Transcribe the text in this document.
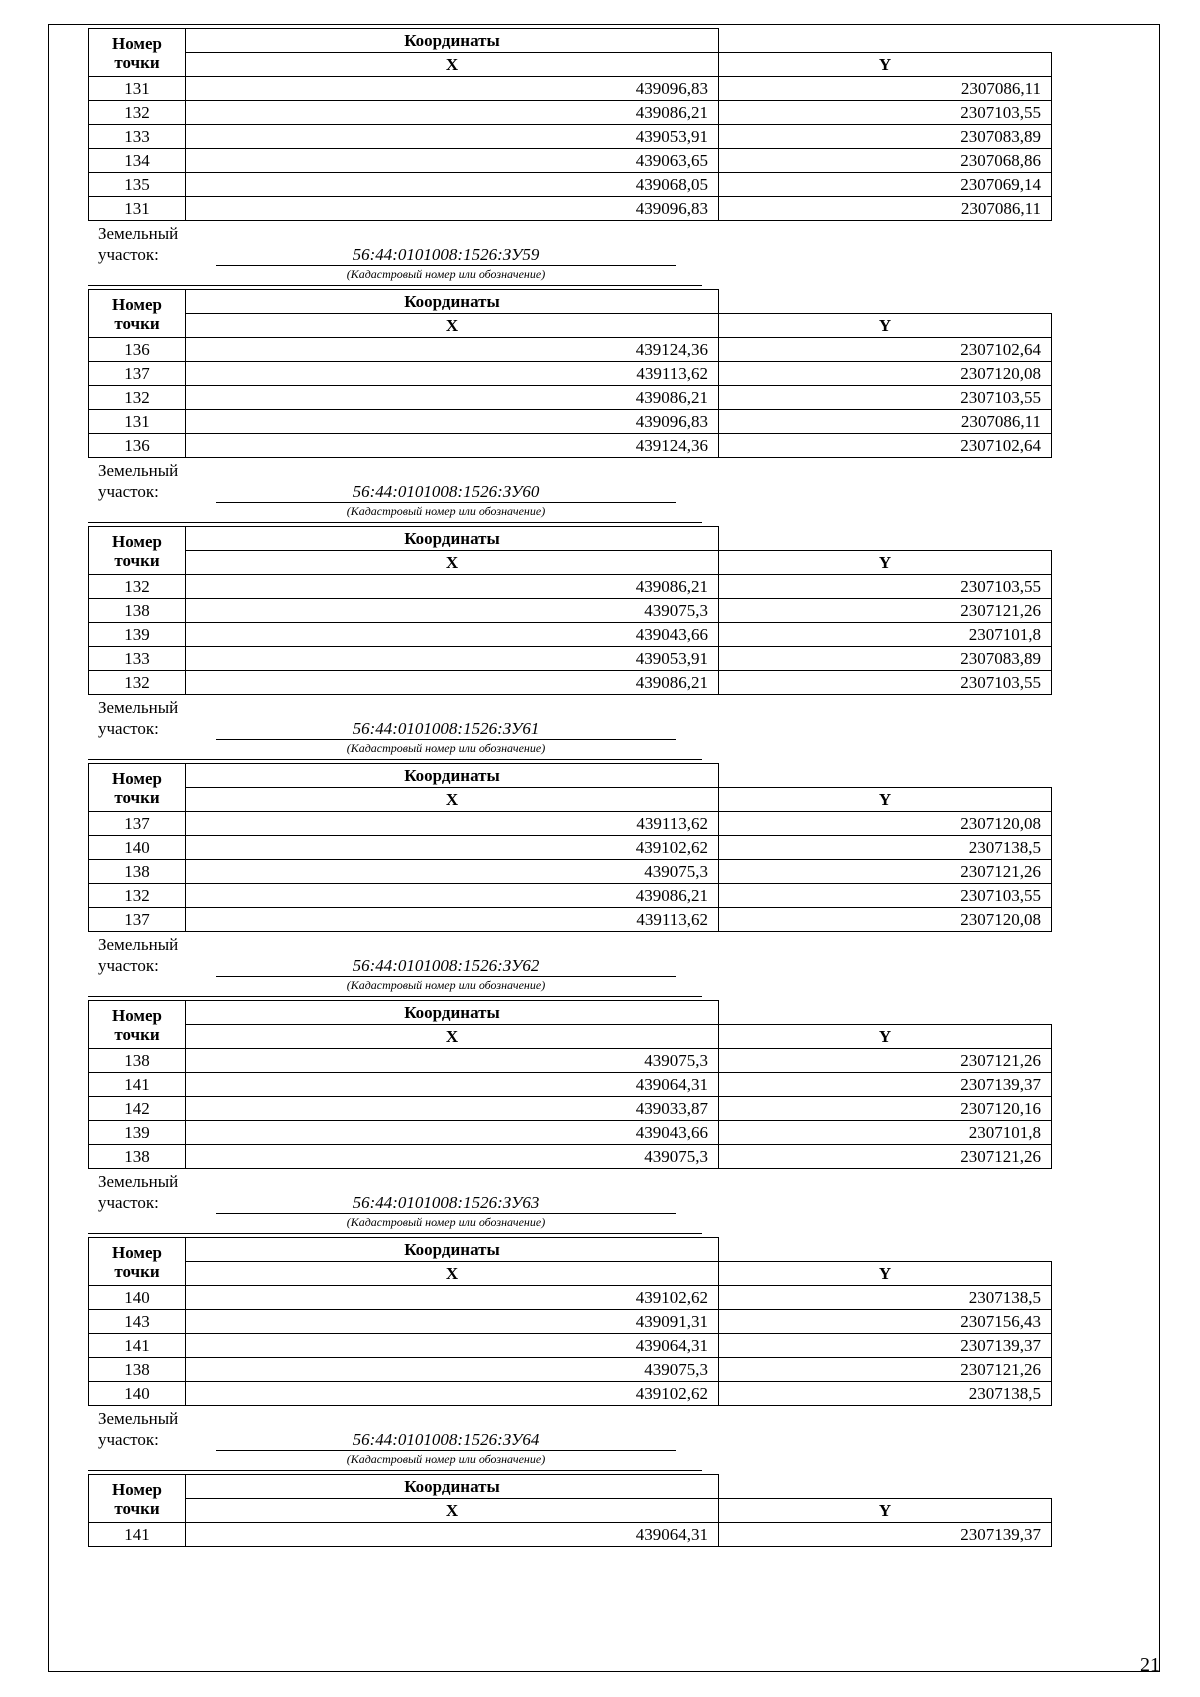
Номер
точки	Координаты	
	X	Y
131	439096,83	2307086,11
132	439086,21	2307103,55
133	439053,91	2307083,89
134	439063,65	2307068,86
135	439068,05	2307069,14
131	439096,83	2307086,11
Земельный
участок:	56:44:0101008:1526:ЗУ59
(Кадастровый номер или обозначение)
Номер
точки	Координаты	
	X	Y
136	439124,36	2307102,64
137	439113,62	2307120,08
132	439086,21	2307103,55
131	439096,83	2307086,11
136	439124,36	2307102,64
Земельный
участок:	56:44:0101008:1526:ЗУ60
(Кадастровый номер или обозначение)
Номер
точки	Координаты	
	X	Y
132	439086,21	2307103,55
138	439075,3	2307121,26
139	439043,66	2307101,8
133	439053,91	2307083,89
132	439086,21	2307103,55
Земельный
участок:	56:44:0101008:1526:ЗУ61
(Кадастровый номер или обозначение)
Номер
точки	Координаты	
	X	Y
137	439113,62	2307120,08
140	439102,62	2307138,5
138	439075,3	2307121,26
132	439086,21	2307103,55
137	439113,62	2307120,08
Земельный
участок:	56:44:0101008:1526:ЗУ62
(Кадастровый номер или обозначение)
Номер
точки	Координаты	
	X	Y
138	439075,3	2307121,26
141	439064,31	2307139,37
142	439033,87	2307120,16
139	439043,66	2307101,8
138	439075,3	2307121,26
Земельный
участок:	56:44:0101008:1526:ЗУ63
(Кадастровый номер или обозначение)
Номер
точки	Координаты	
	X	Y
140	439102,62	2307138,5
143	439091,31	2307156,43
141	439064,31	2307139,37
138	439075,3	2307121,26
140	439102,62	2307138,5
Земельный
участок:	56:44:0101008:1526:ЗУ64
(Кадастровый номер или обозначение)
Номер
точки	Координаты	
	X	Y
141	439064,31	2307139,37
21
